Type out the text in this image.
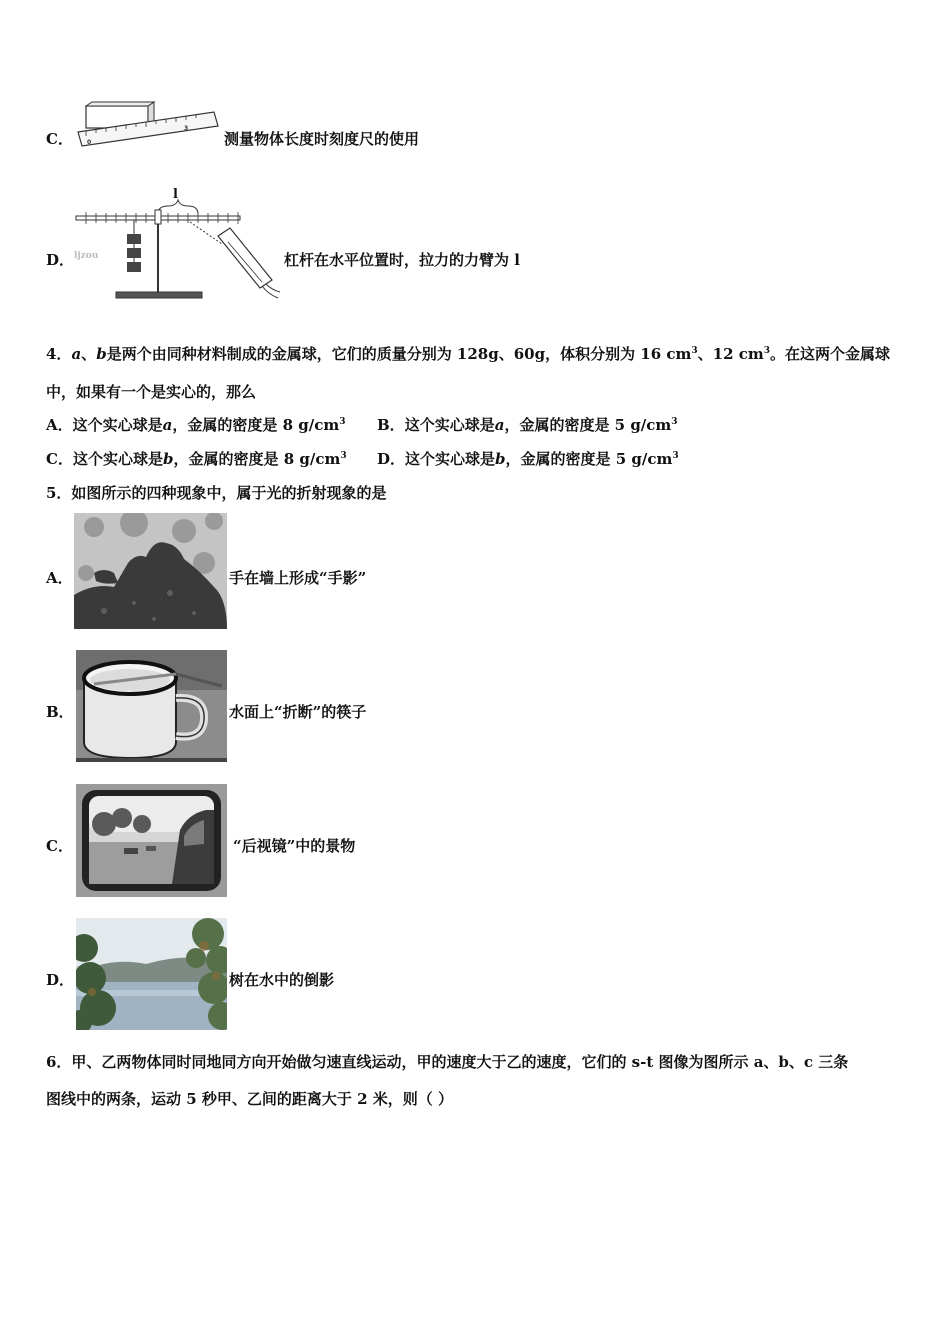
C． 0
3
测量物体长度时刻度尺的使用
D．
l
ljzou	杠杆在水平位置时，拉力的力臂为 l
4．a、b是两个由同种材料制成的金属球，它们的质量分别为 128g、60g，体积分别为 16 $cm^3$、12 $cm^3$。在这两个金属球
中，如果有一个是实心的，那么
A．这个实心球是a，金属的密度是 8 $g/cm^3$ B．这个实心球是a，金属的密度是 5 $g/cm^3$
C．这个实心球是b，金属的密度是 8 $g/cm^3$ D．这个实心球是b，金属的密度是 5 $g/cm^3$
5．如图所示的四种现象中，属于光的折射现象的是
A．	手在墙上形成“手影”
B．	水面上“折断”的筷子
C．	“后视镜”中的景物
D．	树在水中的倒影
6．甲、乙两物体同时同地同方向开始做匀速直线运动，甲的速度大于乙的速度，它们的 s-t 图像为图所示 a、b、c 三条
图线中的两条，运动 5 秒甲、乙间的距离大于 2 米，则（ ）
